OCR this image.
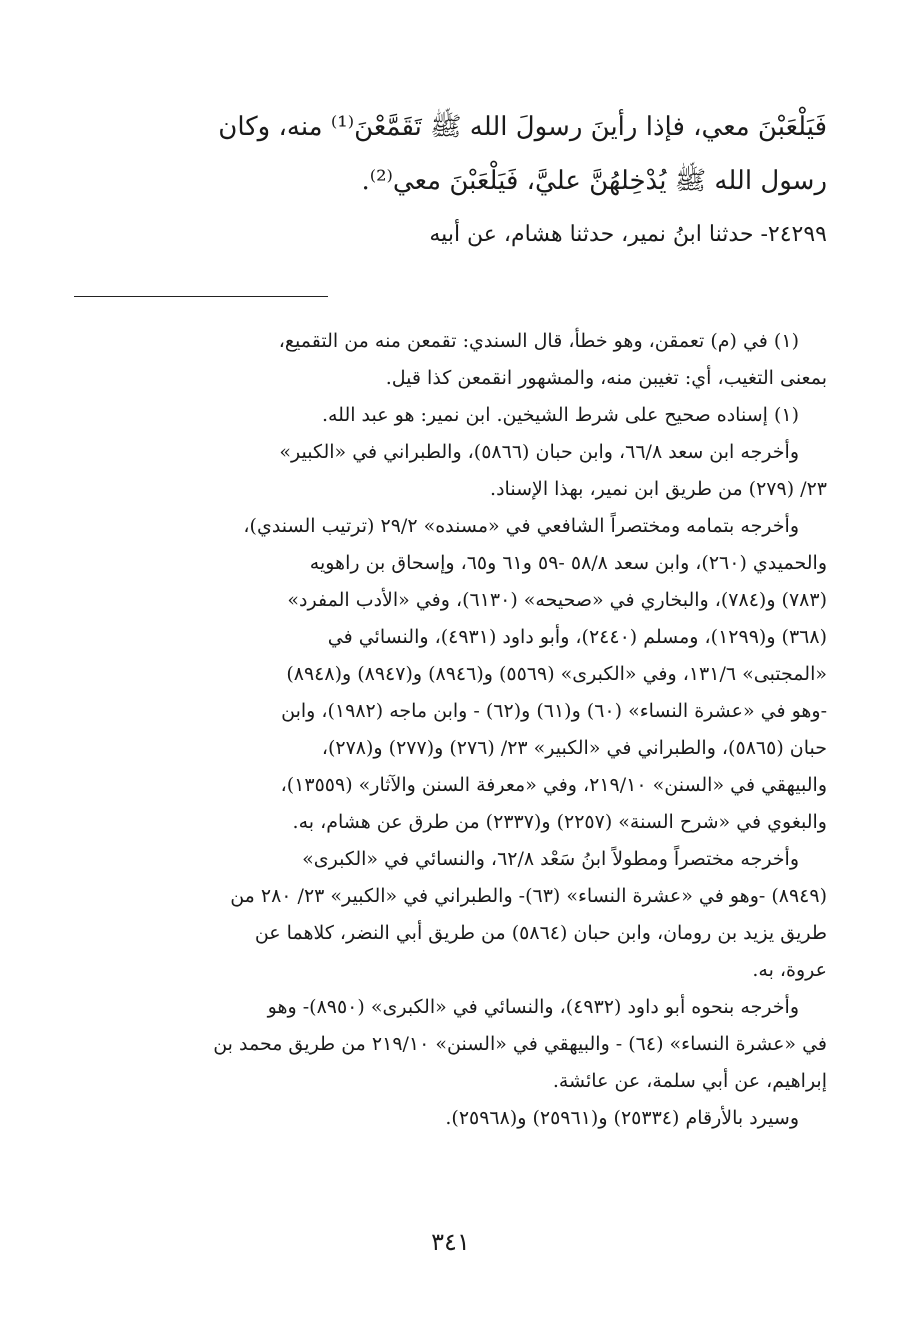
فَيَلْعَبْنَ معي، فإذا رأينَ رسولَ الله ﷺ تَقَمَّعْنَ⁽¹⁾ منه، وكان
رسول الله ﷺ يُدْخِلهُنَّ عليَّ، فَيَلْعَبْنَ معي⁽²⁾.
٢٤٢٩٩- حدثنا ابنُ نمير، حدثنا هشام، عن أبيه
(١) في (م) تعمقن، وهو خطأ، قال السندي: تقمعن منه من التقميع،
بمعنى التغيب، أي: تغيبن منه، والمشهور انقمعن كذا قيل.
(١) إسناده صحيح على شرط الشيخين. ابن نمير: هو عبد الله.
وأخرجه ابن سعد ٦٦/٨، وابن حبان (٥٨٦٦)، والطبراني في «الكبير»
٢٣/ (٢٧٩) من طريق ابن نمير، بهذا الإسناد.
وأخرجه بتمامه ومختصراً الشافعي في «مسنده» ٢٩/٢ (ترتيب السندي)،
والحميدي (٢٦٠)، وابن سعد ٥٨/٨ -٥٩ و٦١ و٦٥، وإسحاق بن راهويه
(٧٨٣) و(٧٨٤)، والبخاري في «صحيحه» (٦١٣٠)، وفي «الأدب المفرد»
(٣٦٨) و(١٢٩٩)، ومسلم (٢٤٤٠)، وأبو داود (٤٩٣١)، والنسائي في
«المجتبى» ١٣١/٦، وفي «الكبرى» (٥٥٦٩) و(٨٩٤٦) و(٨٩٤٧) و(٨٩٤٨)
-وهو في «عشرة النساء» (٦٠) و(٦١) و(٦٢) - وابن ماجه (١٩٨٢)، وابن
حبان (٥٨٦٥)، والطبراني في «الكبير» ٢٣/ (٢٧٦) و(٢٧٧) و(٢٧٨)،
والبيهقي في «السنن» ٢١٩/١٠، وفي «معرفة السنن والآثار» (١٣٥٥٩)،
والبغوي في «شرح السنة» (٢٢٥٧) و(٢٣٣٧) من طرق عن هشام، به.
وأخرجه مختصراً ومطولاً ابنُ سَعْد ٦٢/٨، والنسائي في «الكبرى»
(٨٩٤٩) -وهو في «عشرة النساء» (٦٣)- والطبراني في «الكبير» ٢٣/ ٢٨٠ من
طريق يزيد بن رومان، وابن حبان (٥٨٦٤) من طريق أبي النضر، كلاهما عن
عروة، به.
وأخرجه بنحوه أبو داود (٤٩٣٢)، والنسائي في «الكبرى» (٨٩٥٠)- وهو
في «عشرة النساء» (٦٤) - والبيهقي في «السنن» ٢١٩/١٠ من طريق محمد بن
إبراهيم، عن أبي سلمة، عن عائشة.
وسيرد بالأرقام (٢٥٣٣٤) و(٢٥٩٦١) و(٢٥٩٦٨).
٣٤١
